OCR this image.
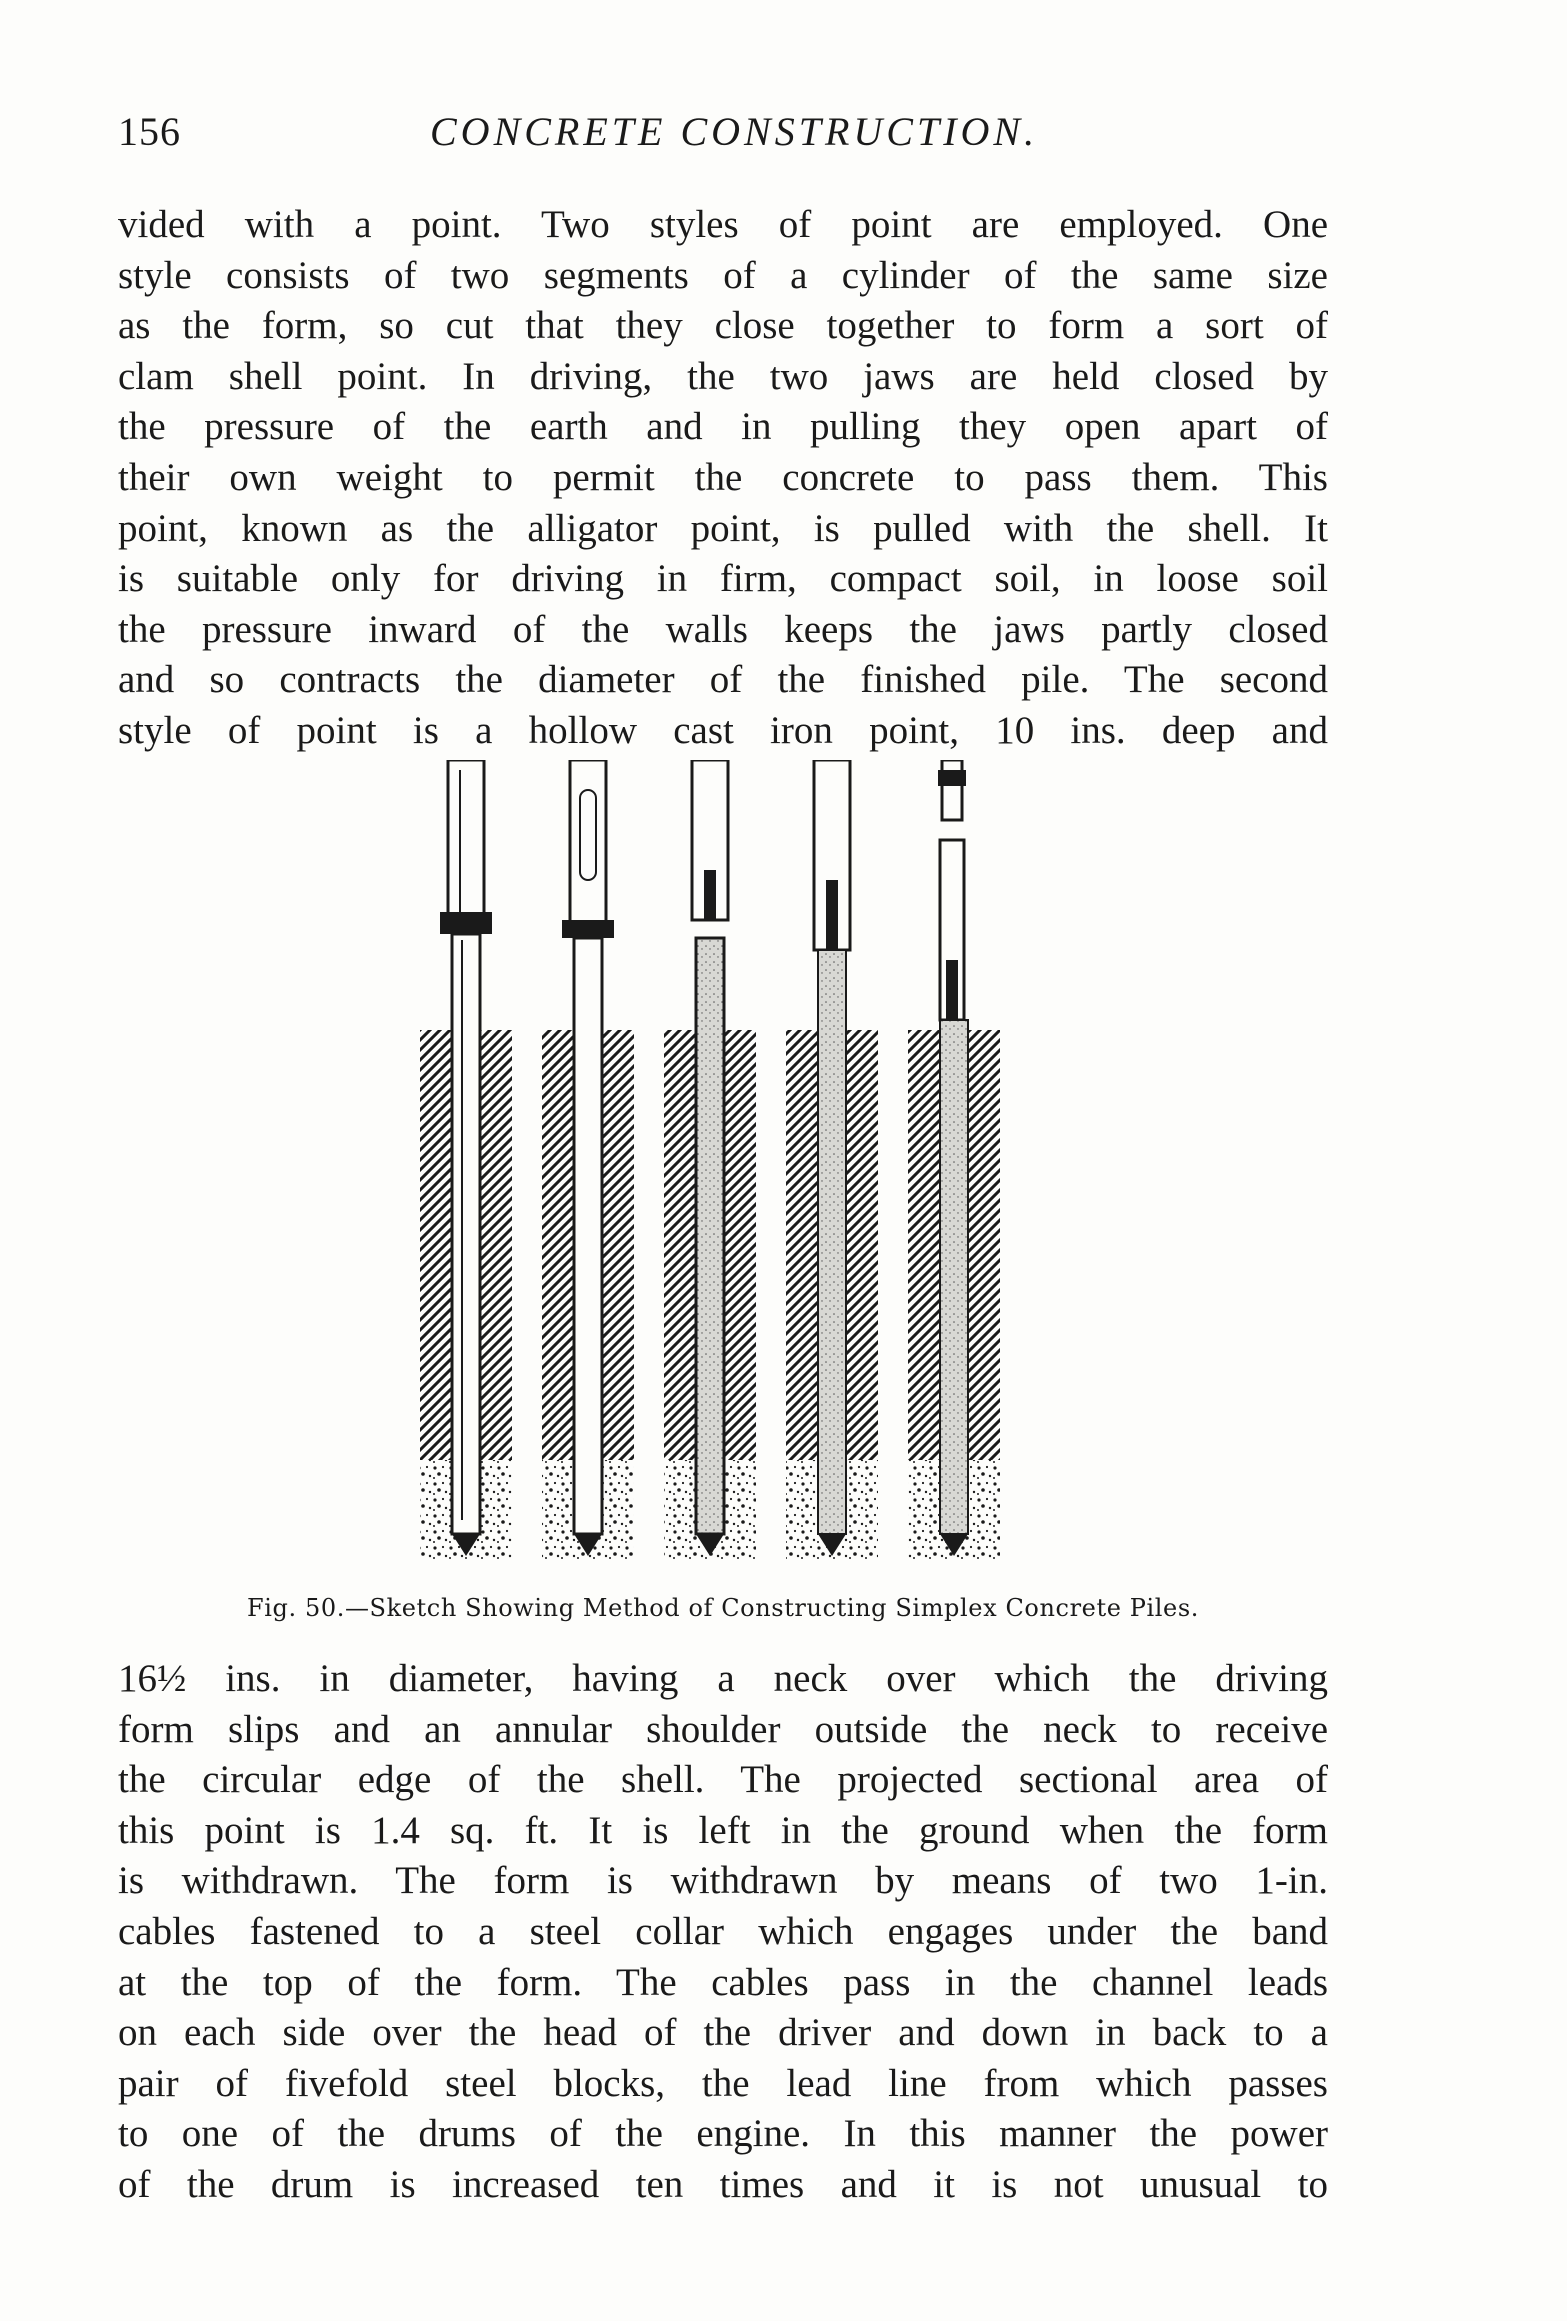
156	CONCRETE CONSTRUCTION.
vided with a point. Two styles of point are employed. One
style consists of two segments of a cylinder of the same size
as the form, so cut that they close together to form a sort of
clam shell point. In driving, the two jaws are held closed by
the pressure of the earth and in pulling they open apart of
their own weight to permit the concrete to pass them. This
point, known as the alligator point, is pulled with the shell. It
is suitable only for driving in firm, compact soil, in loose soil
the pressure inward of the walls keeps the jaws partly closed
and so contracts the diameter of the finished pile. The second
style of point is a hollow cast iron point, 10 ins. deep and
Fig. 50.—Sketch Showing Method of Constructing Simplex Concrete Piles.
16½ ins. in diameter, having a neck over which the driving
form slips and an annular shoulder outside the neck to receive
the circular edge of the shell. The projected sectional area of
this point is 1.4 sq. ft. It is left in the ground when the form
is withdrawn. The form is withdrawn by means of two 1-in.
cables fastened to a steel collar which engages under the band
at the top of the form. The cables pass in the channel leads
on each side over the head of the driver and down in back to a
pair of fivefold steel blocks, the lead line from which passes
to one of the drums of the engine. In this manner the power
of the drum is increased ten times and it is not unusual to
